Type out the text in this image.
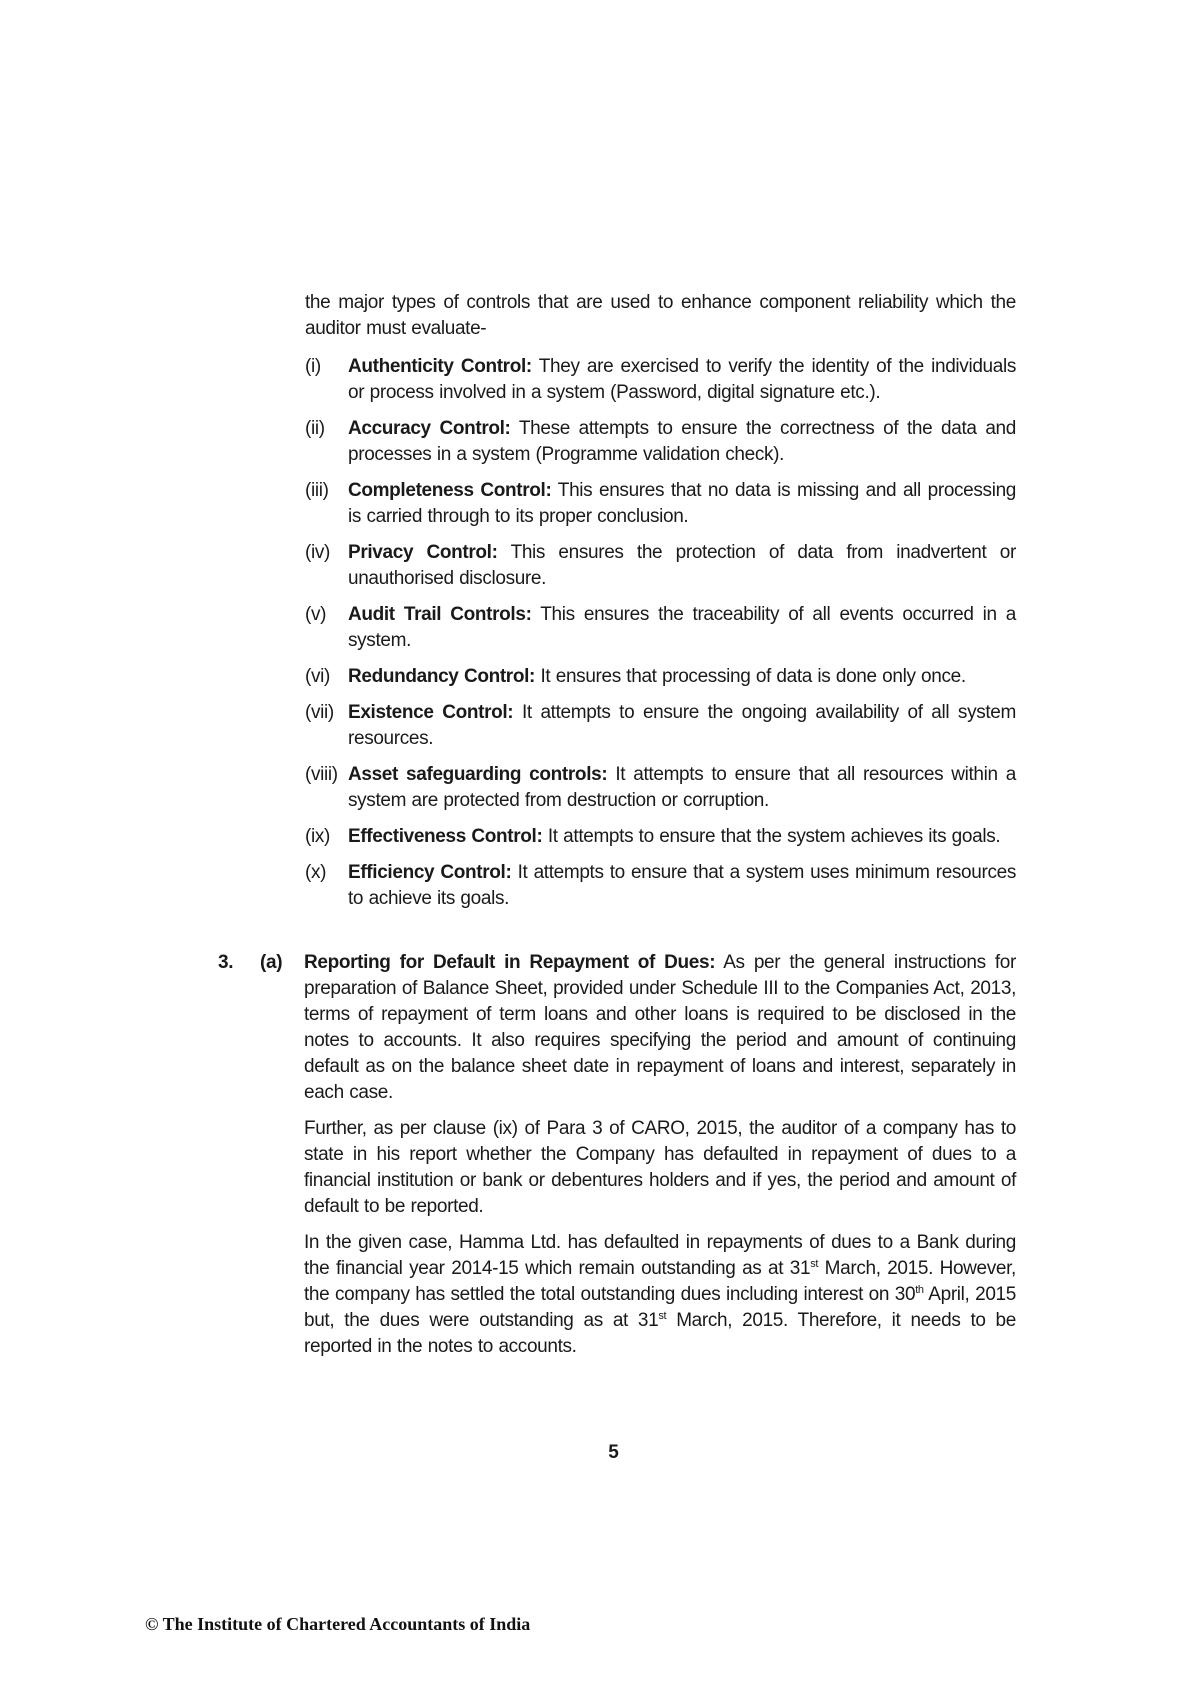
the major types of controls that are used to enhance component reliability which the auditor must evaluate-
(i)	Authenticity Control: They are exercised to verify the identity of the individuals or process involved in a system (Password, digital signature etc.).
(ii)	Accuracy Control: These attempts to ensure the correctness of the data and processes in a system (Programme validation check).
(iii)	Completeness Control: This ensures that no data is missing and all processing is carried through to its proper conclusion.
(iv) Privacy Control: This ensures the protection of data from inadvertent or unauthorised disclosure.
(v)	Audit Trail Controls: This ensures the traceability of all events occurred in a system.
(vi) Redundancy Control: It ensures that processing of data is done only once.
(vii) Existence Control: It attempts to ensure the ongoing availability of all system resources.
(viii) Asset safeguarding controls: It attempts to ensure that all resources within a system are protected from destruction or corruption.
(ix) Effectiveness Control: It attempts to ensure that the system achieves its goals.
(x)	Efficiency Control: It attempts to ensure that a system uses minimum resources to achieve its goals.
3.	(a)	Reporting for Default in Repayment of Dues: As per the general instructions for preparation of Balance Sheet, provided under Schedule III to the Companies Act, 2013, terms of repayment of term loans and other loans is required to be disclosed in the notes to accounts. It also requires specifying the period and amount of continuing default as on the balance sheet date in repayment of loans and interest, separately in each case.

Further, as per clause (ix) of Para 3 of CARO, 2015, the auditor of a company has to state in his report whether the Company has defaulted in repayment of dues to a financial institution or bank or debentures holders and if yes, the period and amount of default to be reported.

In the given case, Hamma Ltd. has defaulted in repayments of dues to a Bank during the financial year 2014-15 which remain outstanding as at 31st March, 2015. However, the company has settled the total outstanding dues including interest on 30th April, 2015 but, the dues were outstanding as at 31st March, 2015. Therefore, it needs to be reported in the notes to accounts.

5
© The Institute of Chartered Accountants of India
